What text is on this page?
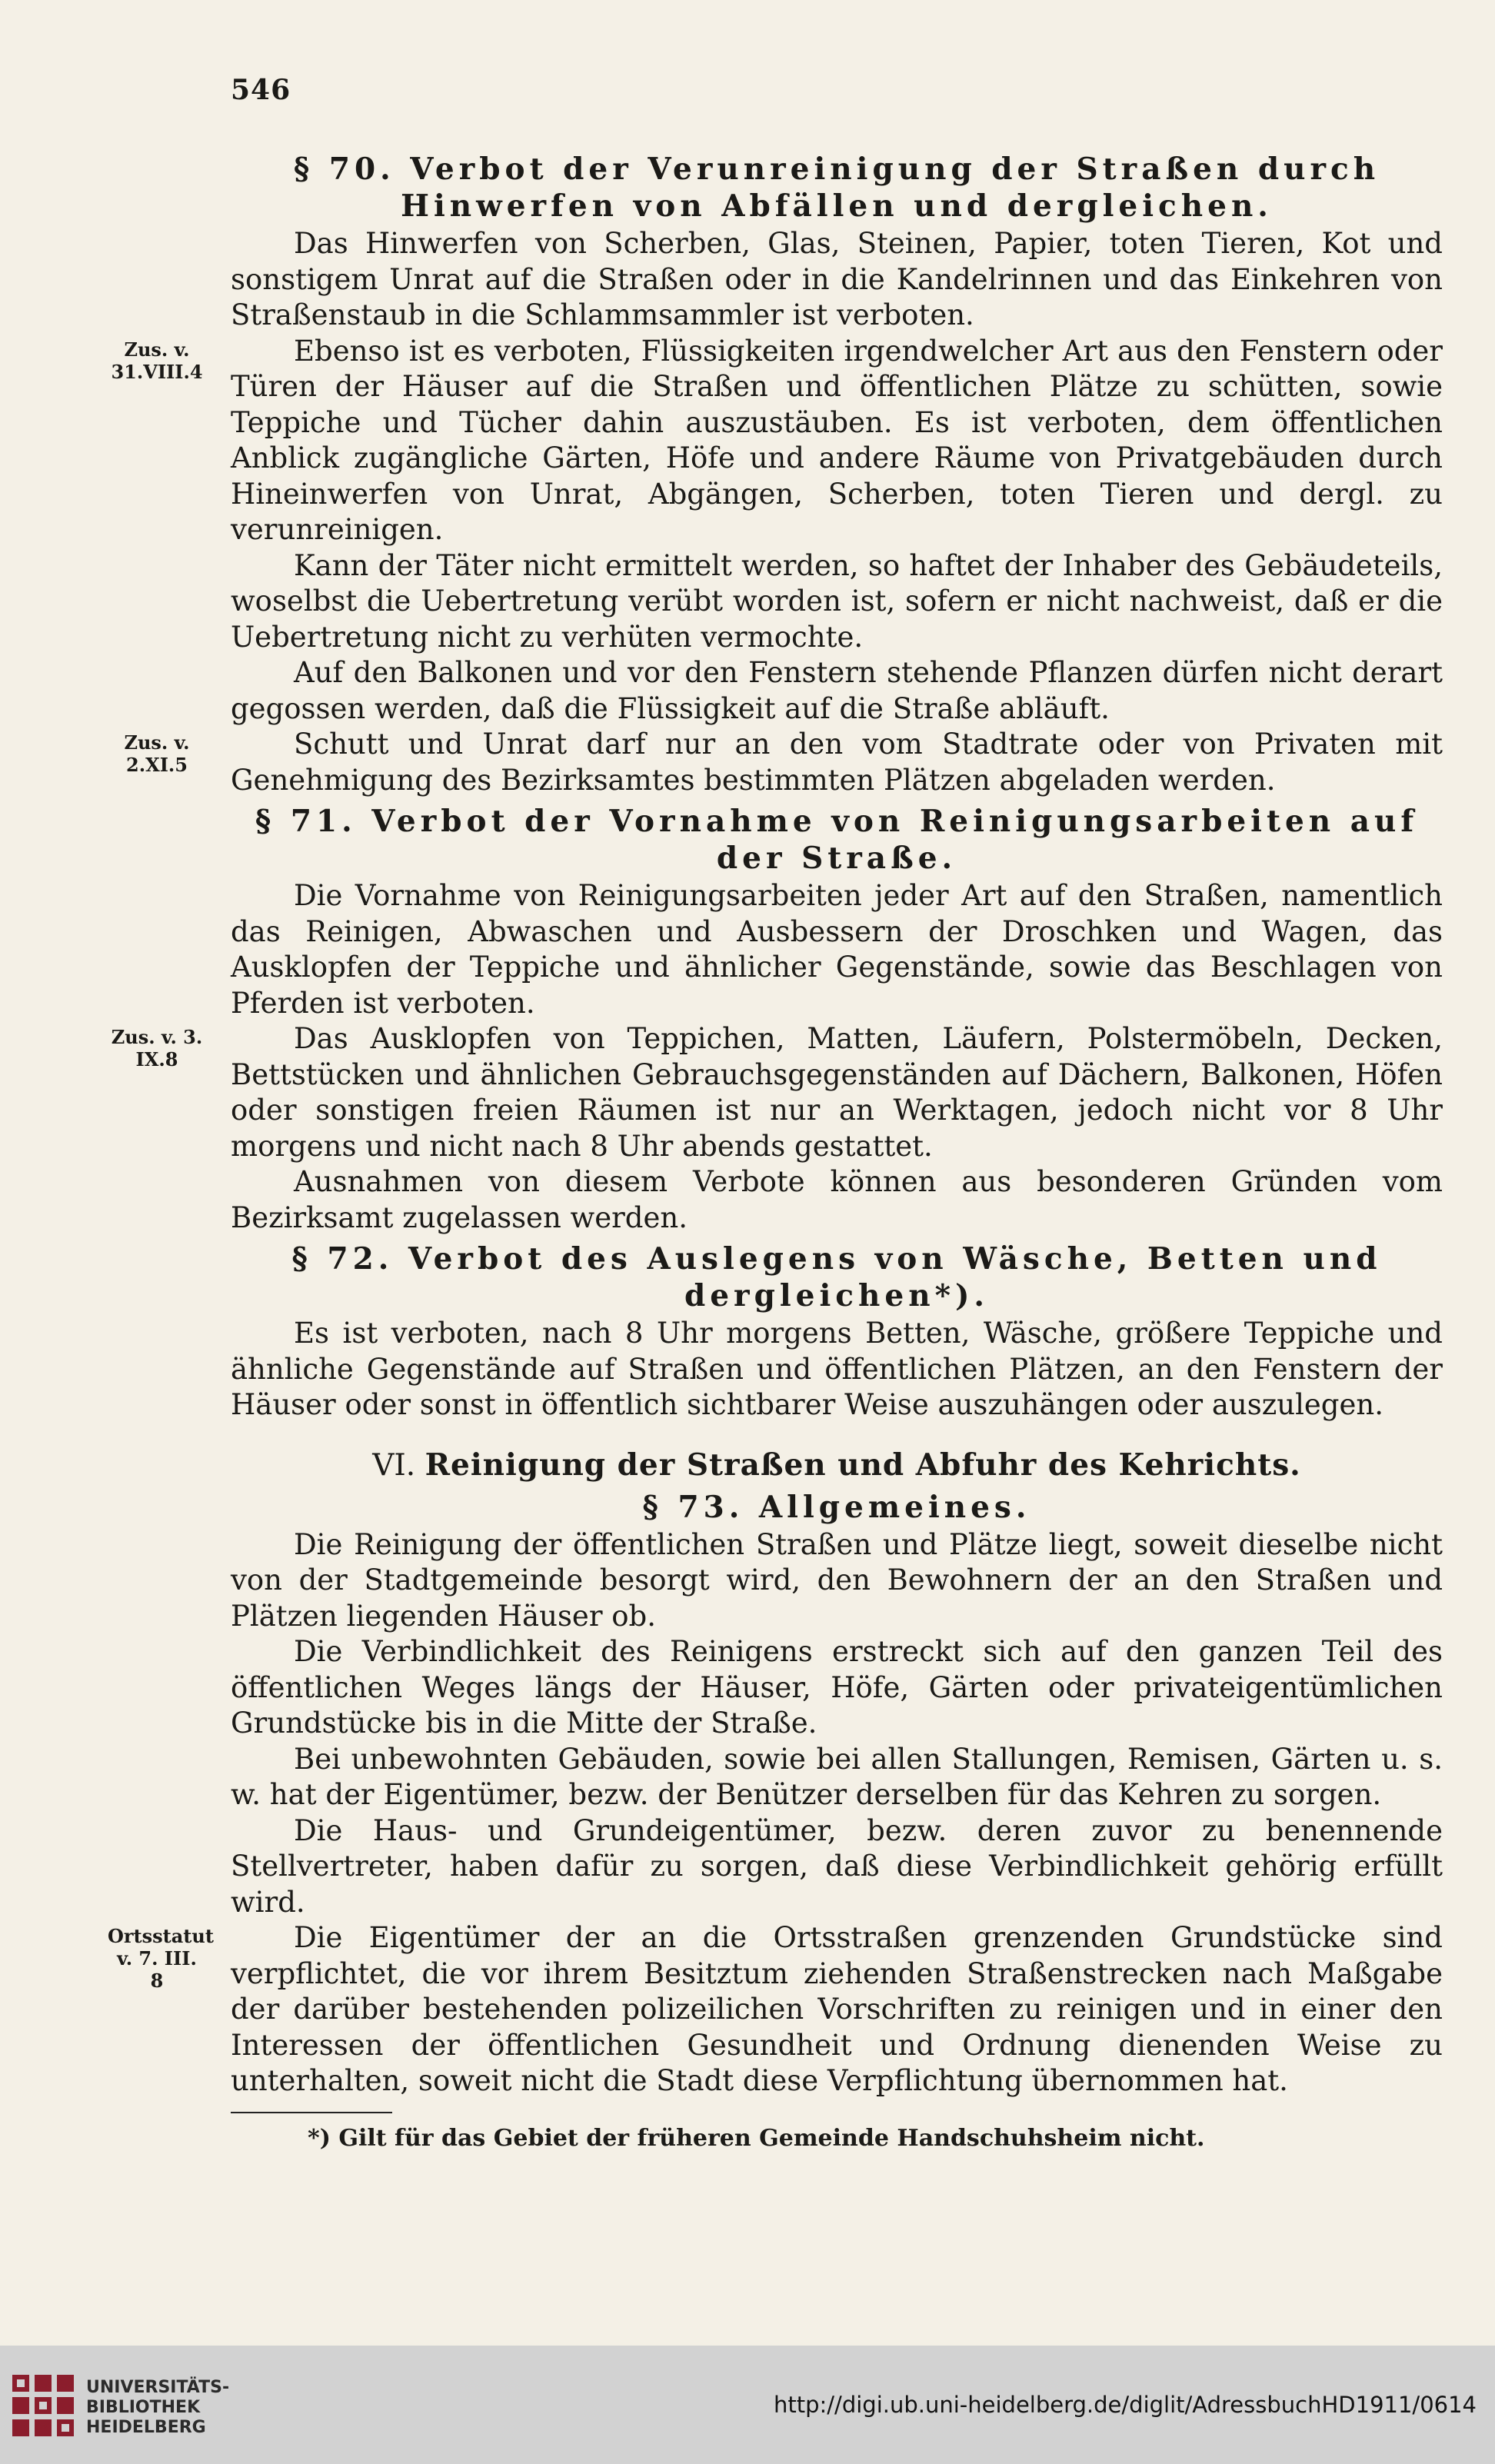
546
§ 70. Verbot der Verunreinigung der Straßen durch Hinwerfen von Abfällen und dergleichen.

Das Hinwerfen von Scherben, Glas, Steinen, Papier, toten Tieren, Kot und sonstigem Unrat auf die Straßen oder in die Kandelrinnen und das Einkehren von Straßenstaub in die Schlammsammler ist verboten.

Zus. v. 31.VIII.4

Ebenso ist es verboten, Flüssigkeiten irgendwelcher Art aus den Fenstern oder Türen der Häuser auf die Straßen und öffentlichen Plätze zu schütten, sowie Teppiche und Tücher dahin auszustäuben. Es ist verboten, dem öffentlichen Anblick zugängliche Gärten, Höfe und andere Räume von Privatgebäuden durch Hineinwerfen von Unrat, Abgängen, Scherben, toten Tieren und dergl. zu verunreinigen.

Kann der Täter nicht ermittelt werden, so haftet der Inhaber des Gebäudeteils, woselbst die Uebertretung verübt worden ist, sofern er nicht nachweist, daß er die Uebertretung nicht zu verhüten vermochte.

Auf den Balkonen und vor den Fenstern stehende Pflanzen dürfen nicht derart gegossen werden, daß die Flüssigkeit auf die Straße abläuft.

Zus. v. 2.XI.5

Schutt und Unrat darf nur an den vom Stadtrate oder von Privaten mit Genehmigung des Bezirksamtes bestimmten Plätzen abgeladen werden.

§ 71. Verbot der Vornahme von Reinigungsarbeiten auf der Straße.

Die Vornahme von Reinigungsarbeiten jeder Art auf den Straßen, namentlich das Reinigen, Abwaschen und Ausbessern der Droschken und Wagen, das Ausklopfen der Teppiche und ähnlicher Gegenstände, sowie das Beschlagen von Pferden ist verboten.

Zus. v. 3. IX.8

Das Ausklopfen von Teppichen, Matten, Läufern, Polstermöbeln, Decken, Bettstücken und ähnlichen Gebrauchsgegenständen auf Dächern, Balkonen, Höfen oder sonstigen freien Räumen ist nur an Werktagen, jedoch nicht vor 8 Uhr morgens und nicht nach 8 Uhr abends gestattet.

Ausnahmen von diesem Verbote können aus besonderen Gründen vom Bezirksamt zugelassen werden.

§ 72. Verbot des Auslegens von Wäsche, Betten und dergleichen*).

Es ist verboten, nach 8 Uhr morgens Betten, Wäsche, größere Teppiche und ähnliche Gegenstände auf Straßen und öffentlichen Plätzen, an den Fenstern der Häuser oder sonst in öffentlich sichtbarer Weise auszuhängen oder auszulegen.

VI. Reinigung der Straßen und Abfuhr des Kehrichts.
§ 73. Allgemeines.

Die Reinigung der öffentlichen Straßen und Plätze liegt, soweit dieselbe nicht von der Stadtgemeinde besorgt wird, den Bewohnern der an den Straßen und Plätzen liegenden Häuser ob.

Die Verbindlichkeit des Reinigens erstreckt sich auf den ganzen Teil des öffentlichen Weges längs der Häuser, Höfe, Gärten oder privateigentümlichen Grundstücke bis in die Mitte der Straße.

Bei unbewohnten Gebäuden, sowie bei allen Stallungen, Remisen, Gärten u. s. w. hat der Eigentümer, bezw. der Benützer derselben für das Kehren zu sorgen.

Die Haus- und Grundeigentümer, bezw. deren zuvor zu benennende Stellvertreter, haben dafür zu sorgen, daß diese Verbindlichkeit gehörig erfüllt wird.

Ortsstatut v. 7. III. 8

Die Eigentümer der an die Ortsstraßen grenzenden Grundstücke sind verpflichtet, die vor ihrem Besitztum ziehenden Straßenstrecken nach Maßgabe der darüber bestehenden polizeilichen Vorschriften zu reinigen und in einer den Interessen der öffentlichen Gesundheit und Ordnung dienenden Weise zu unterhalten, soweit nicht die Stadt diese Verpflichtung übernommen hat.

*) Gilt für das Gebiet der früheren Gemeinde Handschuhsheim nicht.

UNIVERSITÄTS-
BIBLIOTHEK
HEIDELBERG
http://digi.ub.uni-heidelberg.de/diglit/AdressbuchHD1911/0614
